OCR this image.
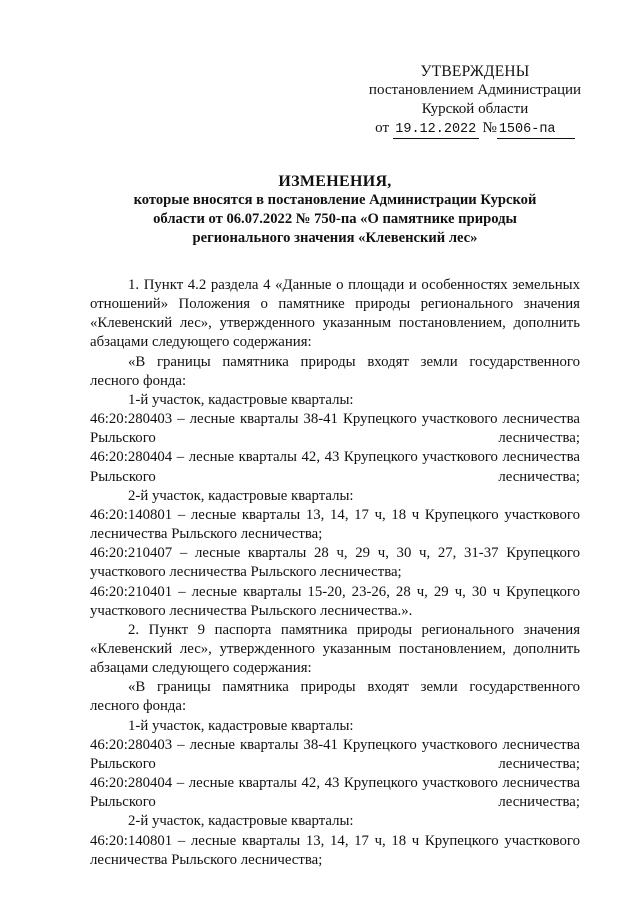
УТВЕРЖДЕНЫ
постановлением Администрации
Курской области
от 19.12.2022 № 1506-па
ИЗМЕНЕНИЯ,
которые вносятся в постановление Администрации Курской
области от 06.07.2022 № 750-па «О памятнике природы
регионального значения «Клевенский лес»

1. Пункт 4.2 раздела 4 «Данные о площади и особенностях земельных отношений» Положения о памятнике природы регионального значения «Клевенский лес», утвержденного указанным постановлением, дополнить абзацами следующего содержания:

«В границы памятника природы входят земли государственного лесного фонда:

1-й участок, кадастровые кварталы:

46:20:280403 – лесные кварталы 38-41 Крупецкого участкового лесничества Рыльского лесничества;

46:20:280404 – лесные кварталы 42, 43 Крупецкого участкового лесничества Рыльского лесничества;

2-й участок, кадастровые кварталы:

46:20:140801 – лесные кварталы 13, 14, 17 ч, 18 ч Крупецкого участкового лесничества Рыльского лесничества;

46:20:210407 – лесные кварталы 28 ч, 29 ч, 30 ч, 27, 31-37 Крупецкого участкового лесничества Рыльского лесничества;

46:20:210401 – лесные кварталы 15-20, 23-26, 28 ч, 29 ч, 30 ч Крупецкого участкового лесничества Рыльского лесничества.».

2. Пункт 9 паспорта памятника природы регионального значения «Клевенский лес», утвержденного указанным постановлением, дополнить абзацами следующего содержания:

«В границы памятника природы входят земли государственного лесного фонда:

1-й участок, кадастровые кварталы:

46:20:280403 – лесные кварталы 38-41 Крупецкого участкового лесничества Рыльского лесничества;

46:20:280404 – лесные кварталы 42, 43 Крупецкого участкового лесничества Рыльского лесничества;

2-й участок, кадастровые кварталы:

46:20:140801 – лесные кварталы 13, 14, 17 ч, 18 ч Крупецкого участкового лесничества Рыльского лесничества;
